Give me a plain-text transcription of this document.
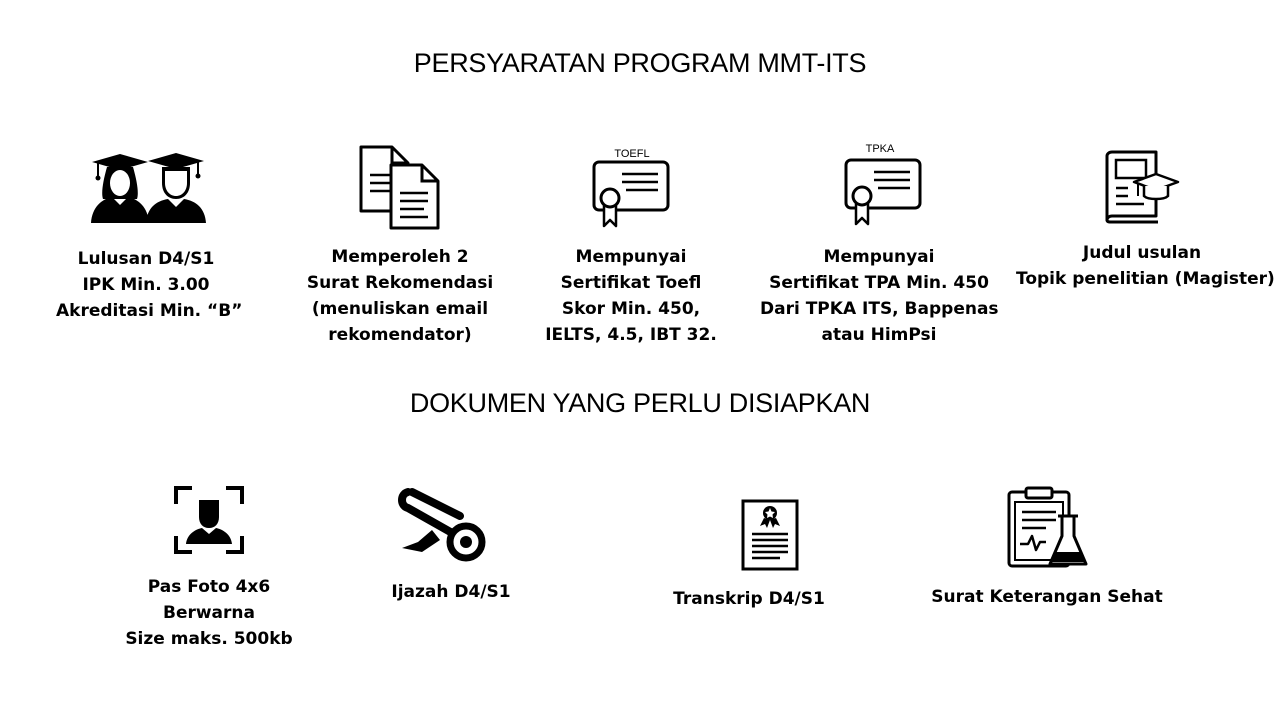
PERSYARATAN PROGRAM MMT-ITS
DOKUMEN YANG PERLU DISIAPKAN
Lulusan D4/S1
IPK Min. 3.00
Akreditasi Min. “B”
Memperoleh 2
Surat Rekomendasi
(menuliskan email
rekomendator)
TOEFL
Mempunyai
Sertifikat Toefl
Skor Min. 450,
IELTS, 4.5, IBT 32.
TPKA
Mempunyai
Sertifikat TPA Min. 450
Dari TPKA ITS, Bappenas
atau HimPsi
Judul usulan
Topik penelitian (Magister)
Pas Foto 4x6
Berwarna
Size maks. 500kb
Ijazah D4/S1	Transkrip D4/S1	Surat Keterangan Sehat
